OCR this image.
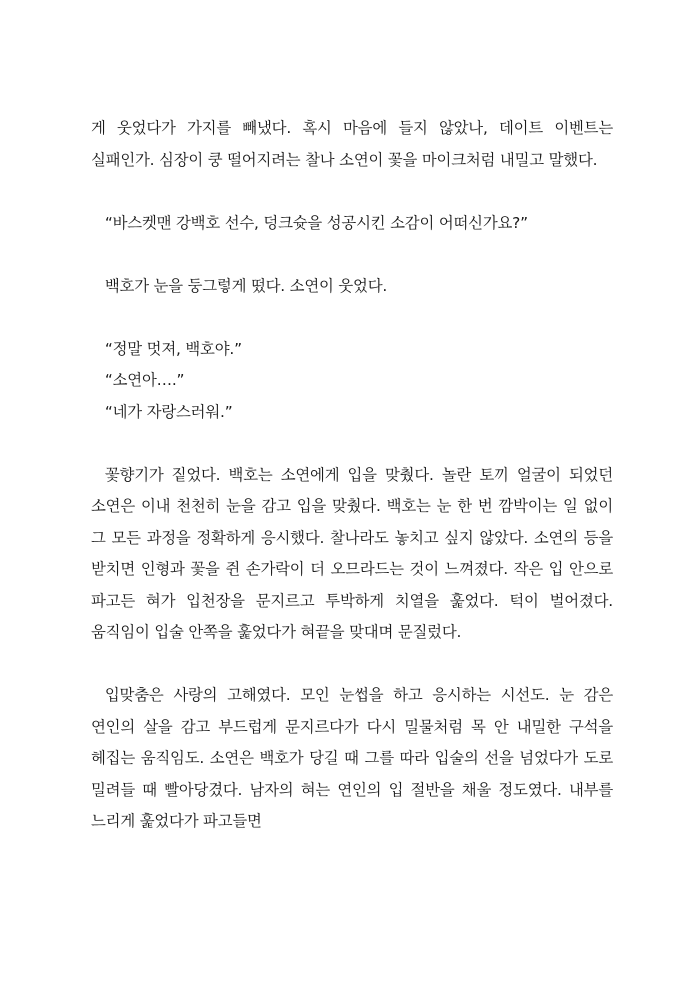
게 웃었다가 가지를 빼냈다. 혹시 마음에 들지 않았나, 데이트 이벤트는 실패인가. 심장이 쿵 떨어지려는 찰나 소연이 꽃을 마이크처럼 내밀고 말했다.

“바스켓맨 강백호 선수, 덩크슛을 성공시킨 소감이 어떠신가요?”

백호가 눈을 둥그렇게 떴다. 소연이 웃었다.

“정말 멋져, 백호야.”

“소연아….”

“네가 자랑스러워.”

꽃향기가 짙었다. 백호는 소연에게 입을 맞췄다. 놀란 토끼 얼굴이 되었던 소연은 이내 천천히 눈을 감고 입을 맞췄다. 백호는 눈 한 번 깜박이는 일 없이 그 모든 과정을 정확하게 응시했다. 찰나라도 놓치고 싶지 않았다. 소연의 등을 받치면 인형과 꽃을 쥔 손가락이 더 오므라드는 것이 느껴졌다. 작은 입 안으로 파고든 혀가 입천장을 문지르고 투박하게 치열을 훑었다. 턱이 벌어졌다. 움직임이 입술 안쪽을 훑었다가 혀끝을 맞대며 문질렀다.

입맞춤은 사랑의 고해였다. 모인 눈썹을 하고 응시하는 시선도. 눈 감은 연인의 살을 감고 부드럽게 문지르다가 다시 밀물처럼 목 안 내밀한 구석을 헤집는 움직임도. 소연은 백호가 당길 때 그를 따라 입술의 선을 넘었다가 도로 밀려들 때 빨아당겼다. 남자의 혀는 연인의 입 절반을 채울 정도였다. 내부를 느리게 훑었다가 파고들면
